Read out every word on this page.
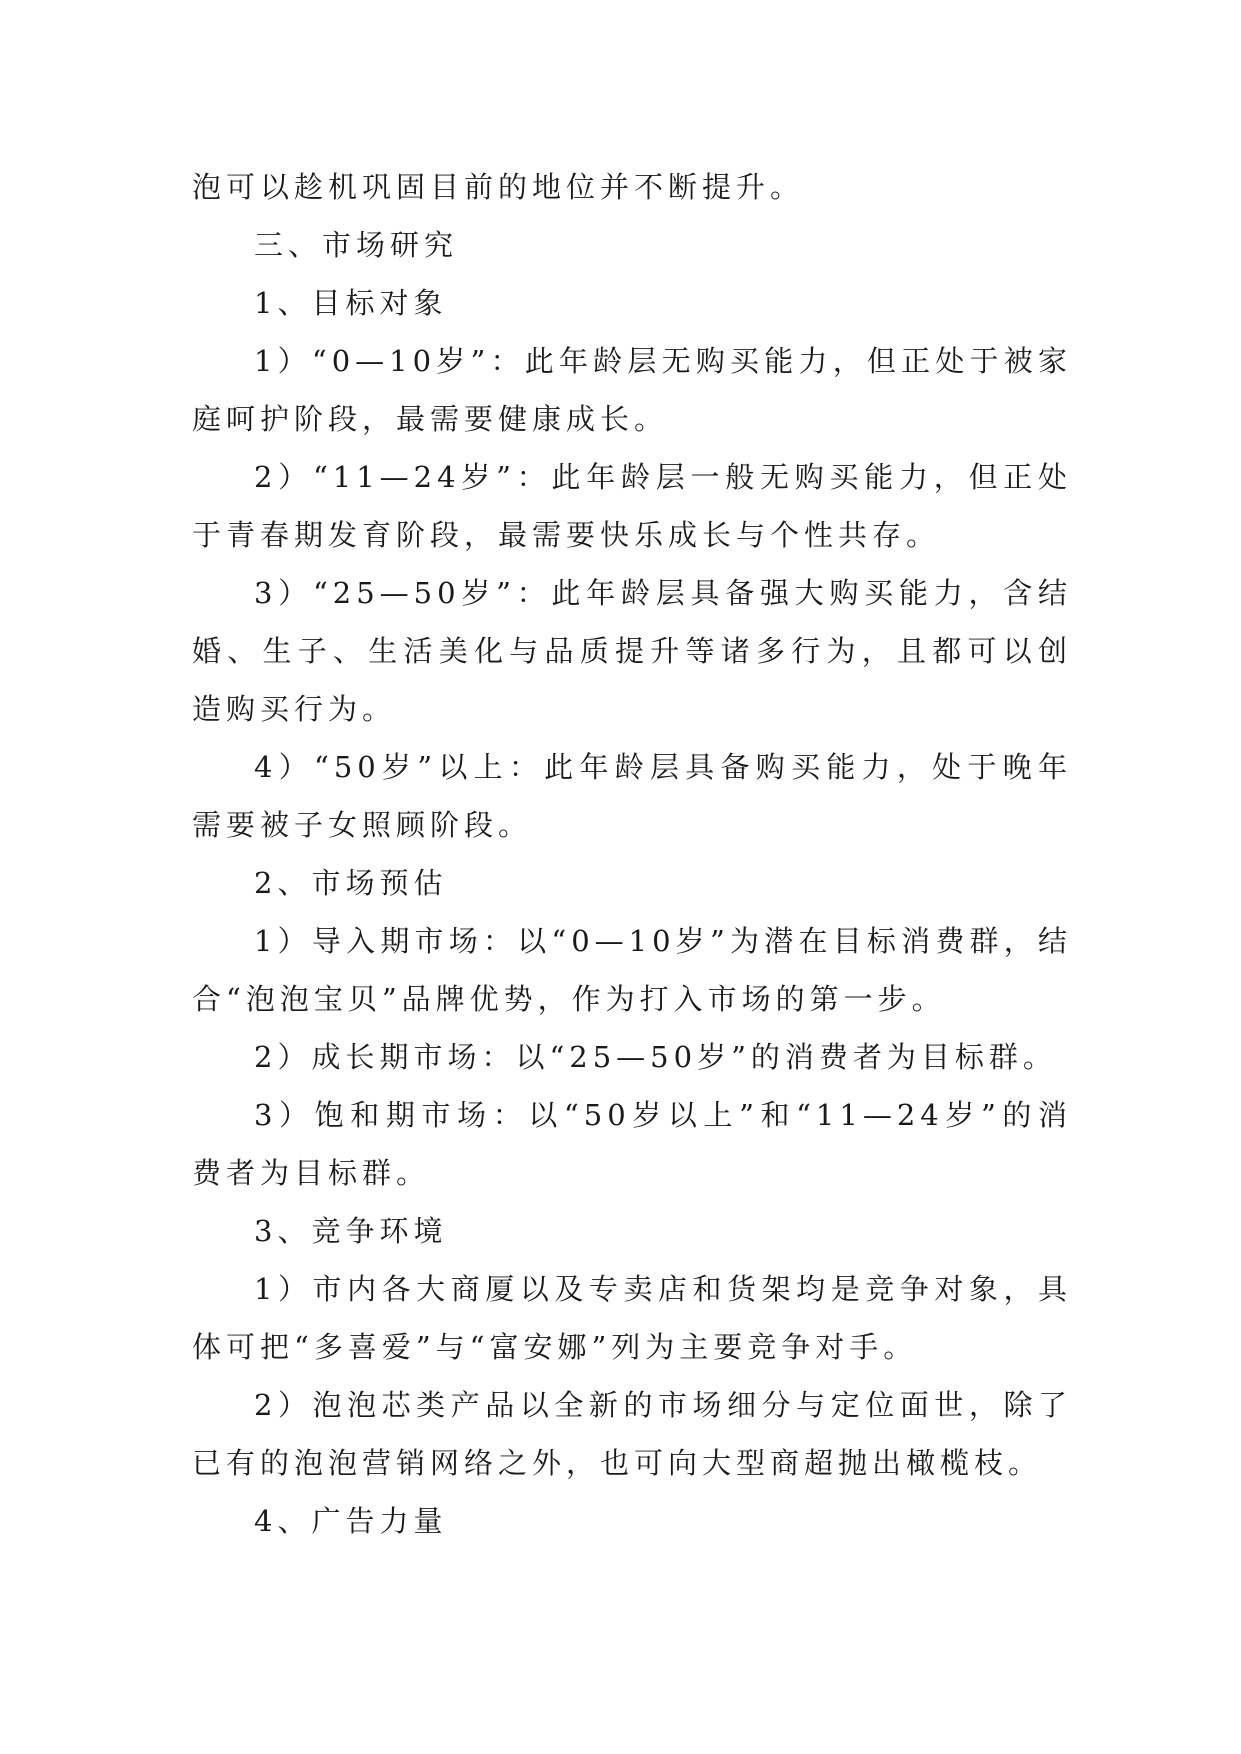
泡可以趁机巩固目前的地位并不断提升。

三、市场研究

1、目标对象

1）“0—10岁”：此年龄层无购买能力，但正处于被家庭呵护阶段，最需要健康成长。

2）“11—24岁”：此年龄层一般无购买能力，但正处于青春期发育阶段，最需要快乐成长与个性共存。

3）“25—50岁”：此年龄层具备强大购买能力，含结婚、生子、生活美化与品质提升等诸多行为，且都可以创造购买行为。

4）“50岁”以上：此年龄层具备购买能力，处于晚年需要被子女照顾阶段。

2、市场预估

1）导入期市场：以“0—10岁”为潜在目标消费群，结合“泡泡宝贝”品牌优势，作为打入市场的第一步。

2）成长期市场：以“25—50岁”的消费者为目标群。

3）饱和期市场：以“50岁以上”和“11—24岁”的消费者为目标群。

3、竞争环境

1）市内各大商厦以及专卖店和货架均是竞争对象，具体可把“多喜爱”与“富安娜”列为主要竞争对手。

2）泡泡芯类产品以全新的市场细分与定位面世，除了已有的泡泡营销网络之外，也可向大型商超抛出橄榄枝。

4、广告力量
